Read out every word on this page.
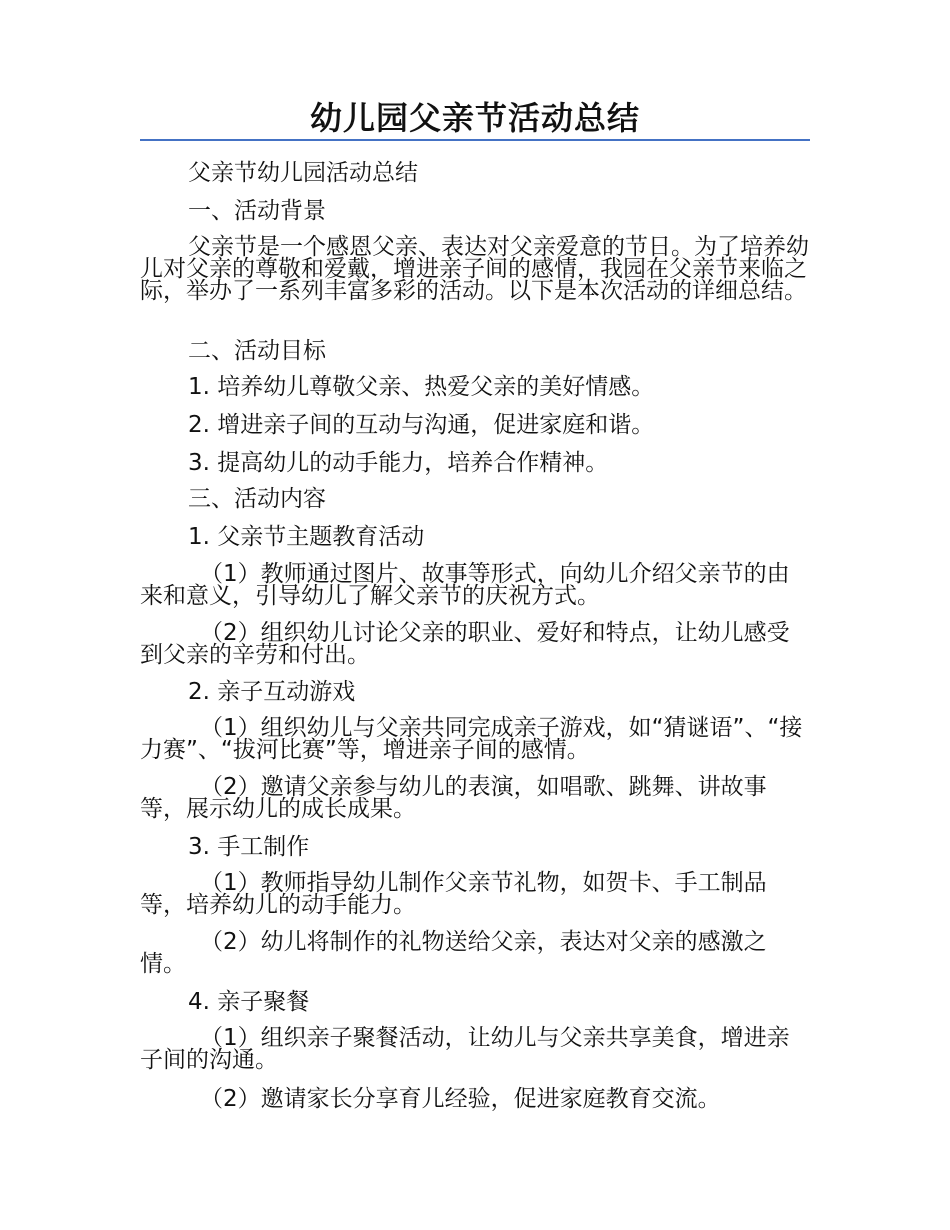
幼儿园父亲节活动总结

父亲节幼儿园活动总结

一、活动背景

父亲节是一个感恩父亲、表达对父亲爱意的节日。为了培养幼儿对父亲的尊敬和爱戴，增进亲子间的感情，我园在父亲节来临之际，举办了一系列丰富多彩的活动。以下是本次活动的详细总结。

二、活动目标

1. 培养幼儿尊敬父亲、热爱父亲的美好情感。

2. 增进亲子间的互动与沟通，促进家庭和谐。

3. 提高幼儿的动手能力，培养合作精神。

三、活动内容

1. 父亲节主题教育活动

（1）教师通过图片、故事等形式，向幼儿介绍父亲节的由来和意义，引导幼儿了解父亲节的庆祝方式。

（2）组织幼儿讨论父亲的职业、爱好和特点，让幼儿感受到父亲的辛劳和付出。

2. 亲子互动游戏

（1）组织幼儿与父亲共同完成亲子游戏，如“猜谜语”、“接力赛”、“拔河比赛”等，增进亲子间的感情。

（2）邀请父亲参与幼儿的表演，如唱歌、跳舞、讲故事等，展示幼儿的成长成果。

3. 手工制作

（1）教师指导幼儿制作父亲节礼物，如贺卡、手工制品等，培养幼儿的动手能力。

（2）幼儿将制作的礼物送给父亲，表达对父亲的感激之情。

4. 亲子聚餐

（1）组织亲子聚餐活动，让幼儿与父亲共享美食，增进亲子间的沟通。

（2）邀请家长分享育儿经验，促进家庭教育交流。
